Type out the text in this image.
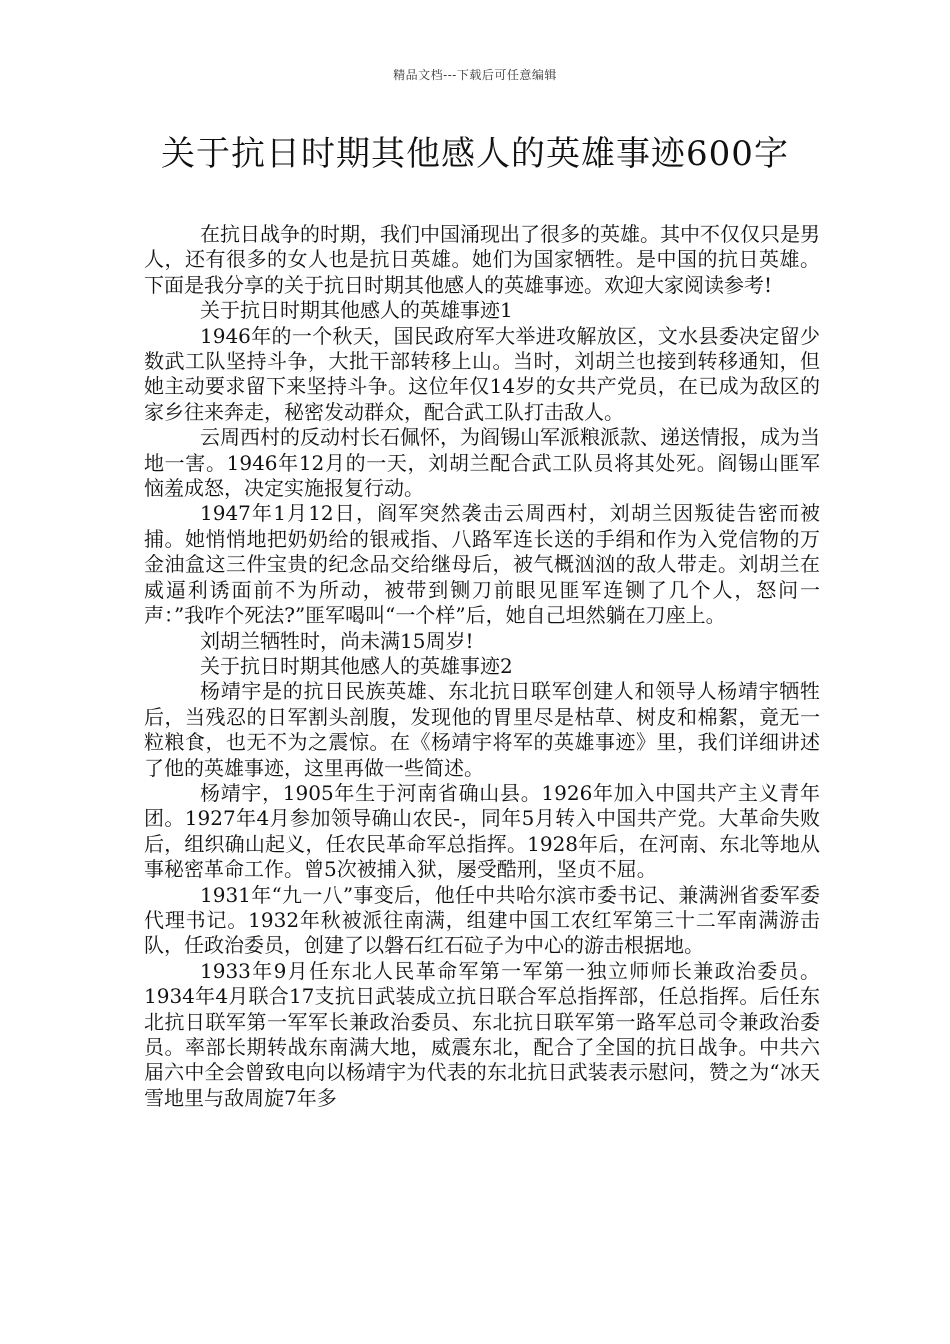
精品文档---下载后可任意编辑
关于抗日时期其他感人的英雄事迹600字

在抗日战争的时期，我们中国涌现出了很多的英雄。其中不仅仅只是男人，还有很多的女人也是抗日英雄。她们为国家牺牲。是中国的抗日英雄。下面是我分享的关于抗日时期其他感人的英雄事迹。欢迎大家阅读参考!

关于抗日时期其他感人的英雄事迹1

1946年的一个秋天，国民政府军大举进攻解放区，文水县委决定留少数武工队坚持斗争，大批干部转移上山。当时，刘胡兰也接到转移通知，但她主动要求留下来坚持斗争。这位年仅14岁的女共产党员，在已成为敌区的家乡往来奔走，秘密发动群众，配合武工队打击敌人。

云周西村的反动村长石佩怀，为阎锡山军派粮派款、递送情报，成为当地一害。1946年12月的一天，刘胡兰配合武工队员将其处死。阎锡山匪军恼羞成怒，决定实施报复行动。

1947年1月12日，阎军突然袭击云周西村，刘胡兰因叛徒告密而被捕。她悄悄地把奶奶给的银戒指、八路军连长送的手绢和作为入党信物的万金油盒这三件宝贵的纪念品交给继母后，被气概汹汹的敌人带走。刘胡兰在威逼利诱面前不为所动，被带到铡刀前眼见匪军连铡了几个人，怒问一声：”我咋个死法?”匪军喝叫“一个样”后，她自己坦然躺在刀座上。

刘胡兰牺牲时，尚未满15周岁!

关于抗日时期其他感人的英雄事迹2

杨靖宇是的抗日民族英雄、东北抗日联军创建人和领导人杨靖宇牺牲后，当残忍的日军割头剖腹，发现他的胃里尽是枯草、树皮和棉絮，竟无一粒粮食，也无不为之震惊。在《杨靖宇将军的英雄事迹》里，我们详细讲述了他的英雄事迹，这里再做一些简述。

杨靖宇，1905年生于河南省确山县。1926年加入中国共产主义青年团。1927年4月参加领导确山农民-，同年5月转入中国共产党。大革命失败后，组织确山起义，任农民革命军总指挥。1928年后，在河南、东北等地从事秘密革命工作。曾5次被捕入狱，屡受酷刑，坚贞不屈。

1931年“九一八”事变后，他任中共哈尔滨市委书记、兼满洲省委军委代理书记。1932年秋被派往南满，组建中国工农红军第三十二军南满游击队，任政治委员，创建了以磐石红石砬子为中心的游击根据地。

1933年9月任东北人民革命军第一军第一独立师师长兼政治委员。1934年4月联合17支抗日武装成立抗日联合军总指挥部，任总指挥。后任东北抗日联军第一军军长兼政治委员、东北抗日联军第一路军总司令兼政治委员。率部长期转战东南满大地，威震东北，配合了全国的抗日战争。中共六届六中全会曾致电向以杨靖宇为代表的东北抗日武装表示慰问，赞之为“冰天雪地里与敌周旋7年多
